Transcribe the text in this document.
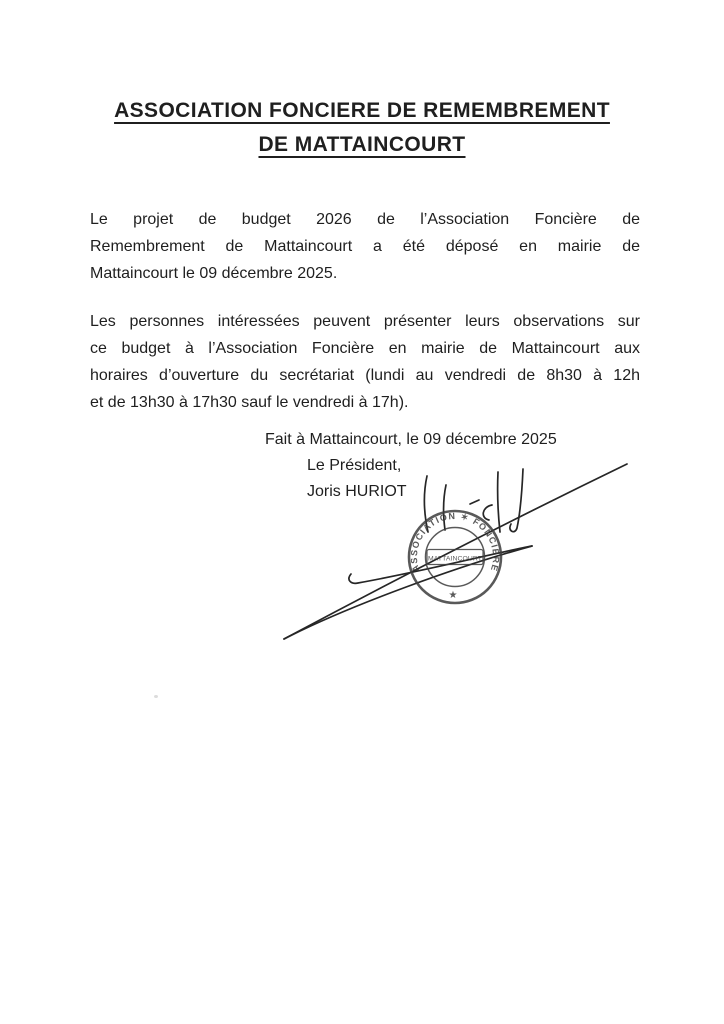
ASSOCIATION FONCIERE DE REMEMBREMENT
DE MATTAINCOURT
Le projet de budget 2026 de l’Association Foncière de
Remembrement de Mattaincourt a été déposé en mairie de
Mattaincourt le 09 décembre 2025.
Les personnes intéressées peuvent présenter leurs observations sur
ce budget à l’Association Foncière en mairie de Mattaincourt aux
horaires d’ouverture du secrétariat (lundi au vendredi de 8h30 à 12h
et de 13h30 à 17h30 sauf le vendredi à 17h).
Fait à Mattaincourt, le 09 décembre 2025
Le Président,
Joris HURIOT
ASSOCIATION ✶ FONCIÈRE
MATTAINCOURT
★
